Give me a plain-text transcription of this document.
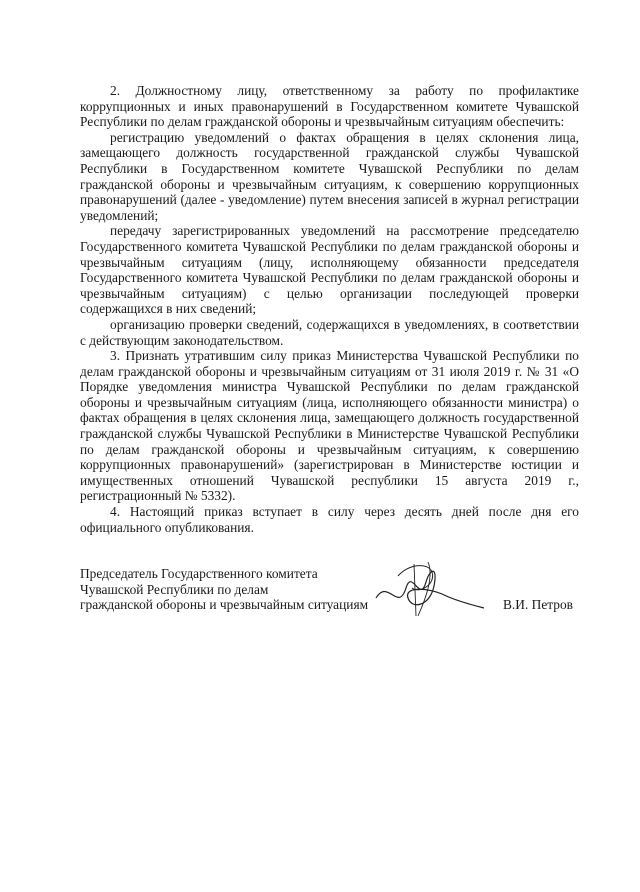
2. Должностному лицу, ответственному за работу по профилактике коррупционных и иных правонарушений в Государственном комитете Чувашской Республики по делам гражданской обороны и чрезвычайным ситуациям обеспечить:

регистрацию уведомлений о фактах обращения в целях склонения лица, замещающего должность государственной гражданской службы Чувашской Республики в Государственном комитете Чувашской Республики по делам гражданской обороны и чрезвычайным ситуациям, к совершению коррупционных правонарушений (далее - уведомление) путем внесения записей в журнал регистрации уведомлений;

передачу зарегистрированных уведомлений на рассмотрение председателю Государственного комитета Чувашской Республики по делам гражданской обороны и чрезвычайным ситуациям (лицу, исполняющему обязанности председателя Государственного комитета Чувашской Республики по делам гражданской обороны и чрезвычайным ситуациям) с целью организации последующей проверки содержащихся в них сведений;

организацию проверки сведений, содержащихся в уведомлениях, в соответствии с действующим законодательством.

3. Признать утратившим силу приказ Министерства Чувашской Республики по делам гражданской обороны и чрезвычайным ситуациям от 31 июля 2019 г. № 31 «О Порядке уведомления министра Чувашской Республики по делам гражданской обороны и чрезвычайным ситуациям (лица, исполняющего обязанности министра) о фактах обращения в целях склонения лица, замещающего должность государственной гражданской службы Чувашской Республики в Министерстве Чувашской Республики по делам гражданской обороны и чрезвычайным ситуациям, к совершению коррупционных правонарушений» (зарегистрирован в Министерстве юстиции и имущественных отношений Чувашской республики 15 августа 2019 г., регистрационный № 5332).

4. Настоящий приказ вступает в силу через десять дней после дня его официального опубликования.

Председатель Государственного комитета
Чувашской Республики по делам
гражданской обороны и чрезвычайным ситуациям	В.И. Петров
